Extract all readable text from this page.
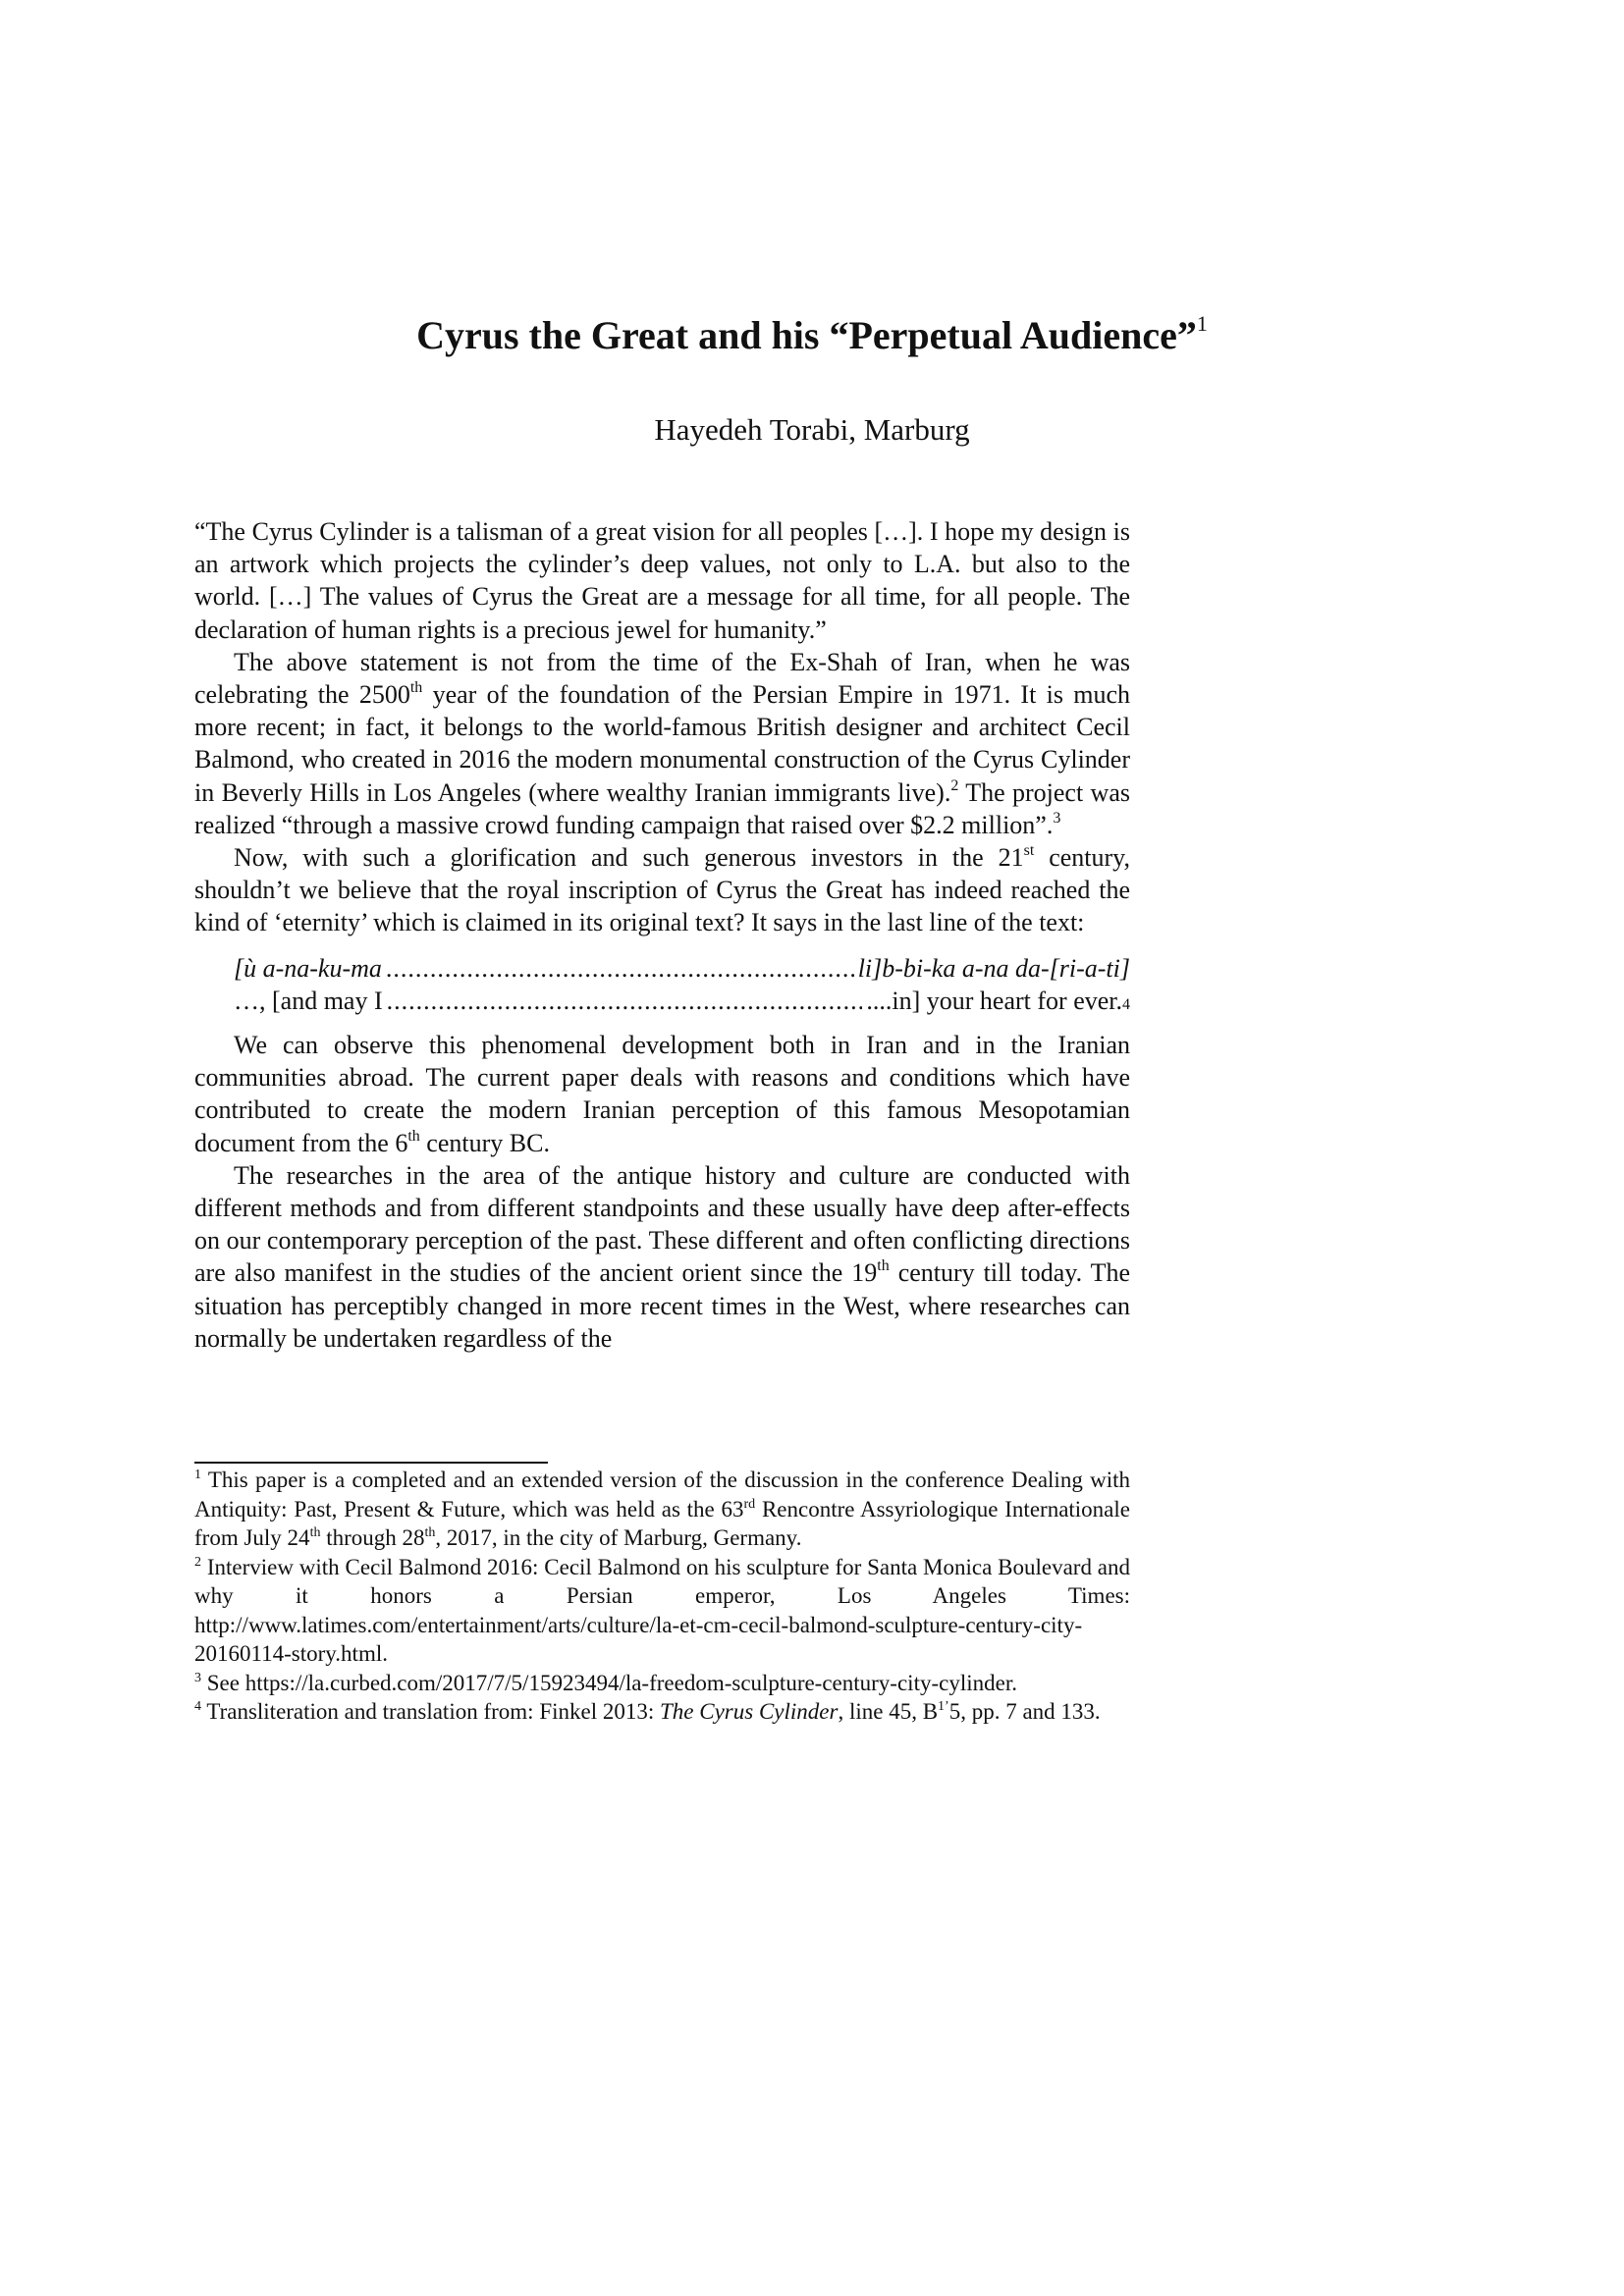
Cyrus the Great and his “Perpetual Audience”$^1$
Hayedeh Torabi, Marburg

“The Cyrus Cylinder is a talisman of a great vision for all peoples […]. I hope my design is an artwork which projects the cylinder’s deep values, not only to L.A. but also to the world. […] The values of Cyrus the Great are a message for all time, for all people. The declaration of human rights is a precious jewel for humanity.”

The above statement is not from the time of the Ex-Shah of Iran, when he was celebrating the 2500th year of the foundation of the Persian Empire in 1971. It is much more recent; in fact, it belongs to the world-famous British designer and architect Cecil Balmond, who created in 2016 the modern monumental construction of the Cyrus Cylinder in Beverly Hills in Los Angeles (where wealthy Iranian immigrants live).$^2$ The project was realized “through a massive crowd funding campaign that raised over $2.2 million”.$^3$

Now, with such a glorification and such generous investors in the 21st century, shouldn’t we believe that the royal inscription of Cyrus the Great has indeed reached the kind of ‘eternity’ which is claimed in its original text? It says in the last line of the text:

[ù a-na-ku-ma .....	li]b-bi-ka a-na da-[ri-a-ti]
…, [and may I .....	....in] your heart for ever. 4

We can observe this phenomenal development both in Iran and in the Iranian communities abroad. The current paper deals with reasons and conditions which have contributed to create the modern Iranian perception of this famous Mesopotamian document from the 6th century BC.

The researches in the area of the antique history and culture are conducted with different methods and from different standpoints and these usually have deep after-effects on our contemporary perception of the past. These different and often conflicting directions are also manifest in the studies of the ancient orient since the 19th century till today. The situation has perceptibly changed in more recent times in the West, where researches can normally be undertaken regardless of the

$^1$ This paper is a completed and an extended version of the discussion in the conference Dealing with Antiquity: Past, Present & Future, which was held as the 63rd Rencontre Assyriologique Internationale from July 24th through 28th, 2017, in the city of Marburg, Germany.

$^2$ Interview with Cecil Balmond 2016: Cecil Balmond on his sculpture for Santa Monica Boulevard and why it honors a Persian emperor, Los Angeles Times: http://www.latimes.com/entertainment/arts/culture/la-et-cm-cecil-balmond-sculpture-century-city-20160114-story.html.

$^3$ See https://la.curbed.com/2017/7/5/15923494/la-freedom-sculpture-century-city-cylinder.

$^4$ Transliteration and translation from: Finkel 2013: The Cyrus Cylinder, line 45, $B^{1’}5$, pp. 7 and 133.
